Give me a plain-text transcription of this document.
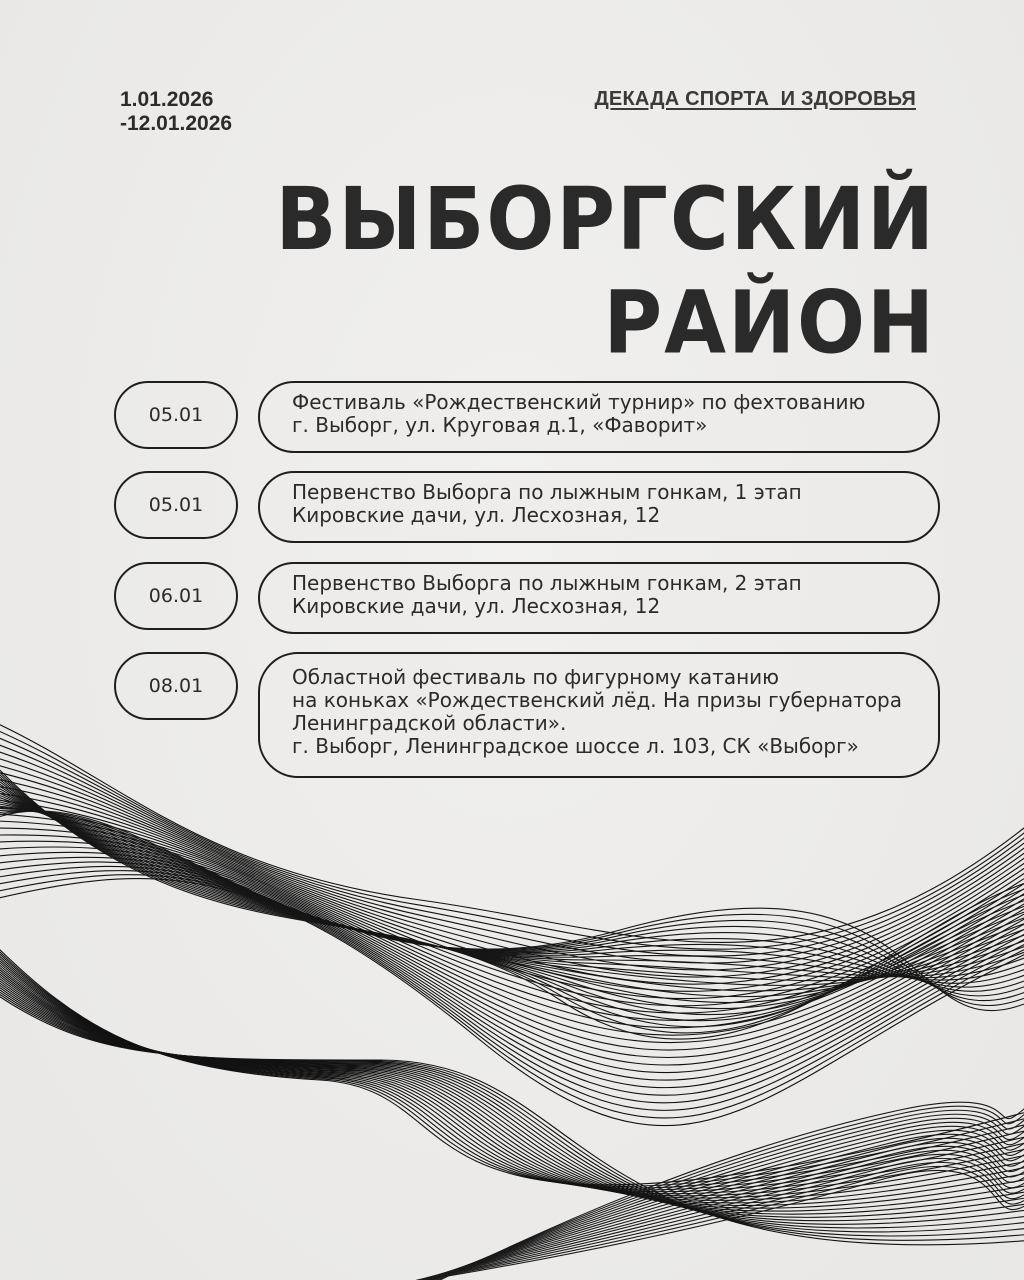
1.01.2026
-12.01.2026
ДЕКАДА СПОРТА  И ЗДОРОВЬЯ
ВЫБОРГСКИЙ
РАЙОН
05.01
Фестиваль «Рождественский турнир» по фехтованию
г. Выборг, ул. Круговая д.1, «Фаворит»
05.01
Первенство Выборга по лыжным гонкам, 1 этап
Кировские дачи, ул. Лесхозная, 12
06.01
Первенство Выборга по лыжным гонкам, 2 этап
Кировские дачи, ул. Лесхозная, 12
08.01	Областной фестиваль по фигурному катанию
на коньках «Рождественский лёд. На призы губернатора
Ленинградской области».
г. Выборг, Ленинградское шоссе л. 103, СК «Выборг»
